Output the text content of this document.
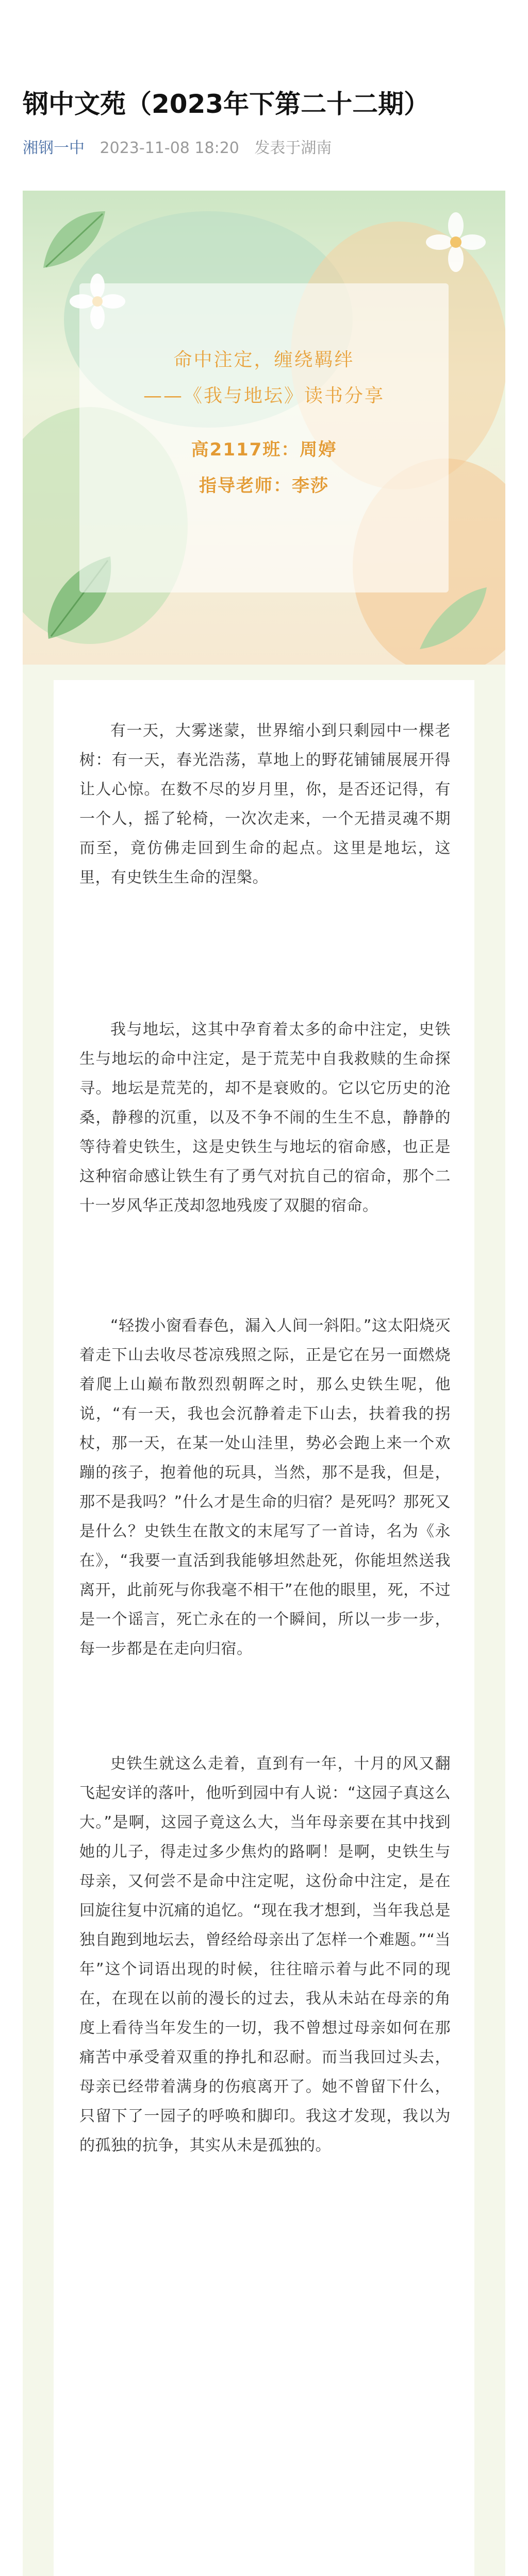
钢中文苑（2023年下第二十二期）
湘钢一中 2023-11-08 18:20 发表于湖南
命中注定，缠绕羁绊
——《我与地坛》读书分享
高2117班：周婷
指导老师：李莎

有一天，大雾迷蒙，世界缩小到只剩园中一棵老树：有一天，春光浩荡，草地上的野花铺铺展展开得让人心惊。在数不尽的岁月里，你，是否还记得，有一个人，摇了轮椅，一次次走来，一个无措灵魂不期而至，竟仿佛走回到生命的起点。这里是地坛，这里，有史铁生生命的涅槃。

我与地坛，这其中孕育着太多的命中注定，史铁生与地坛的命中注定，是于荒芜中自我救赎的生命探寻。地坛是荒芜的，却不是衰败的。它以它历史的沧桑，静穆的沉重，以及不争不闹的生生不息，静静的等待着史铁生，这是史铁生与地坛的宿命感，也正是这种宿命感让铁生有了勇气对抗自己的宿命，那个二十一岁风华正茂却忽地残废了双腿的宿命。

“轻拨小窗看春色，漏入人间一斜阳。”这太阳烧灭着走下山去收尽苍凉残照之际，正是它在另一面燃烧着爬上山巅布散烈烈朝晖之时，那么史铁生呢，他说，“有一天，我也会沉静着走下山去，扶着我的拐杖，那一天，在某一处山洼里，势必会跑上来一个欢蹦的孩子，抱着他的玩具，当然，那不是我，但是，那不是我吗？”什么才是生命的归宿？是死吗？那死又是什么？史铁生在散文的末尾写了一首诗，名为《永在》，“我要一直活到我能够坦然赴死，你能坦然送我离开，此前死与你我毫不相干”在他的眼里，死，不过是一个谣言，死亡永在的一个瞬间，所以一步一步，每一步都是在走向归宿。

史铁生就这么走着，直到有一年，十月的风又翻飞起安详的落叶，他听到园中有人说：“这园子真这么大。”是啊，这园子竟这么大，当年母亲要在其中找到她的儿子，得走过多少焦灼的路啊！是啊，史铁生与母亲，又何尝不是命中注定呢，这份命中注定，是在回旋往复中沉痛的追忆。“现在我才想到，当年我总是独自跑到地坛去，曾经给母亲出了怎样一个难题。”“当年”这个词语出现的时候，往往暗示着与此不同的现在，在现在以前的漫长的过去，我从未站在母亲的角度上看待当年发生的一切，我不曾想过母亲如何在那痛苦中承受着双重的挣扎和忍耐。而当我回过头去，母亲已经带着满身的伤痕离开了。她不曾留下什么，只留下了一园子的呼唤和脚印。我这才发现，我以为的孤独的抗争，其实从未是孤独的。
